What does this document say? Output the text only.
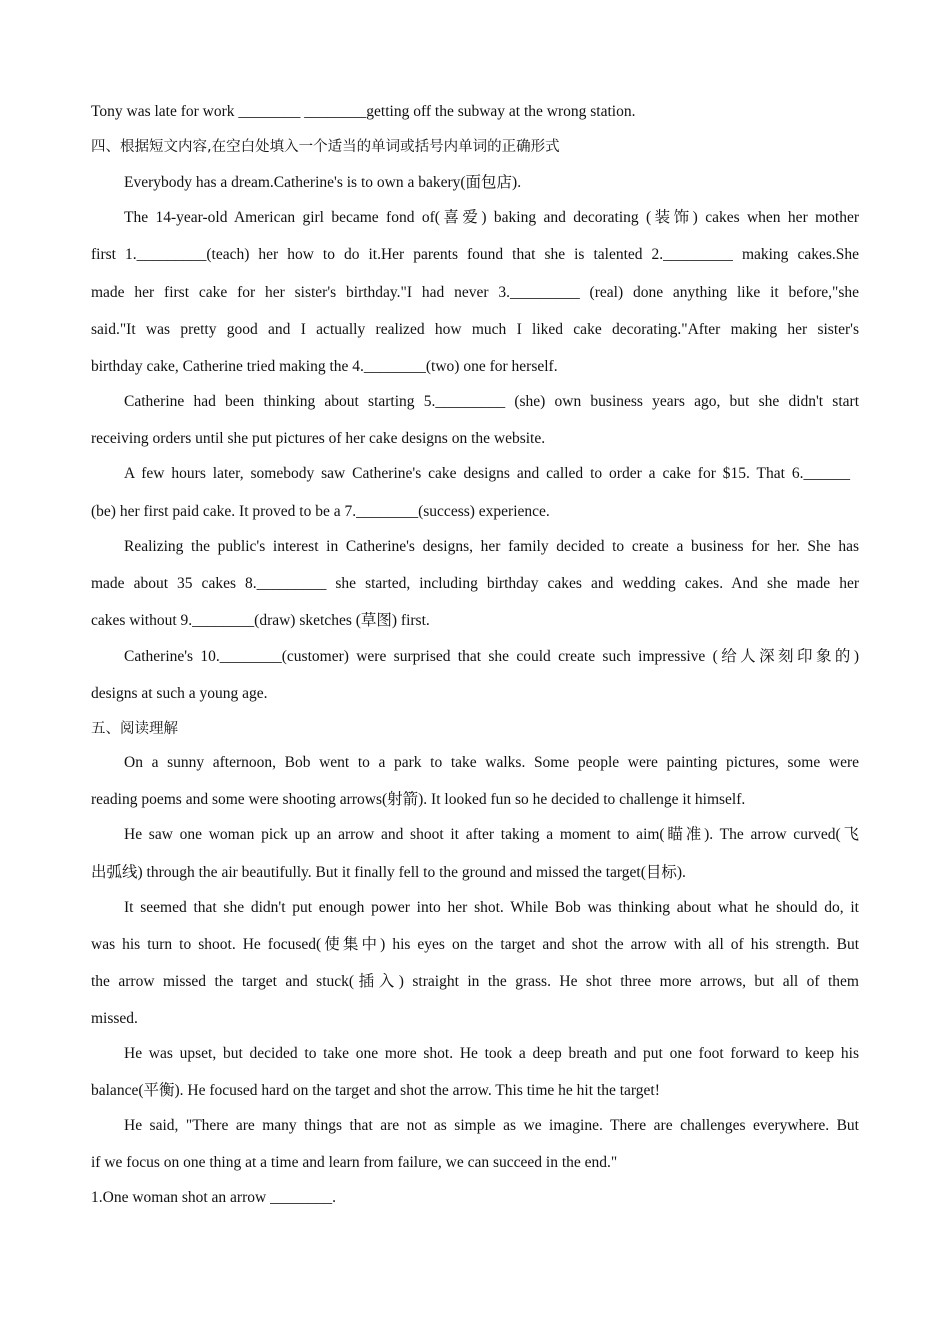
Tony was late for work ________ ________getting off the subway at the wrong station.
四、根据短文内容,在空白处填入一个适当的单词或括号内单词的正确形式
Everybody has a dream.Catherine's is to own a bakery(面包店).
The 14-year-old American girl became fond of(喜爱) baking and decorating (装饰) cakes when her mother
first 1._________(teach) her how to do it.Her parents found that she is talented 2._________ making cakes.She
made her first cake for her sister's birthday."I had never 3._________ (real) done anything like it before,"she
said."It was pretty good and I actually realized how much I liked cake decorating."After making her sister's
birthday cake, Catherine tried making the 4.________(two) one for herself.
Catherine had been thinking about starting 5._________ (she) own business years ago, but she didn't start
receiving orders until she put pictures of her cake designs on the website.
A few hours later, somebody saw Catherine's cake designs and called to order a cake for $15. That 6.______
(be) her first paid cake. It proved to be a 7.________(success) experience.
Realizing the public's interest in Catherine's designs, her family decided to create a business for her. She has
made about 35 cakes 8._________ she started, including birthday cakes and wedding cakes. And she made her
cakes without 9.________(draw) sketches (草图) first.
Catherine's 10.________(customer) were surprised that she could create such impressive (给人深刻印象的)
designs at such a young age.
五、阅读理解
On a sunny afternoon, Bob went to a park to take walks. Some people were painting pictures, some were
reading poems and some were shooting arrows(射箭). It looked fun so he decided to challenge it himself.
He saw one woman pick up an arrow and shoot it after taking a moment to aim(瞄准). The arrow curved(飞
出弧线) through the air beautifully. But it finally fell to the ground and missed the target(目标).
It seemed that she didn't put enough power into her shot. While Bob was thinking about what he should do, it
was his turn to shoot. He focused(使集中) his eyes on the target and shot the arrow with all of his strength. But
the arrow missed the target and stuck(插入) straight in the grass. He shot three more arrows, but all of them
missed.
He was upset, but decided to take one more shot. He took a deep breath and put one foot forward to keep his
balance(平衡). He focused hard on the target and shot the arrow. This time he hit the target!
He said, "There are many things that are not as simple as we imagine. There are challenges everywhere. But
if we focus on one thing at a time and learn from failure, we can succeed in the end."
1.One woman shot an arrow ________.
